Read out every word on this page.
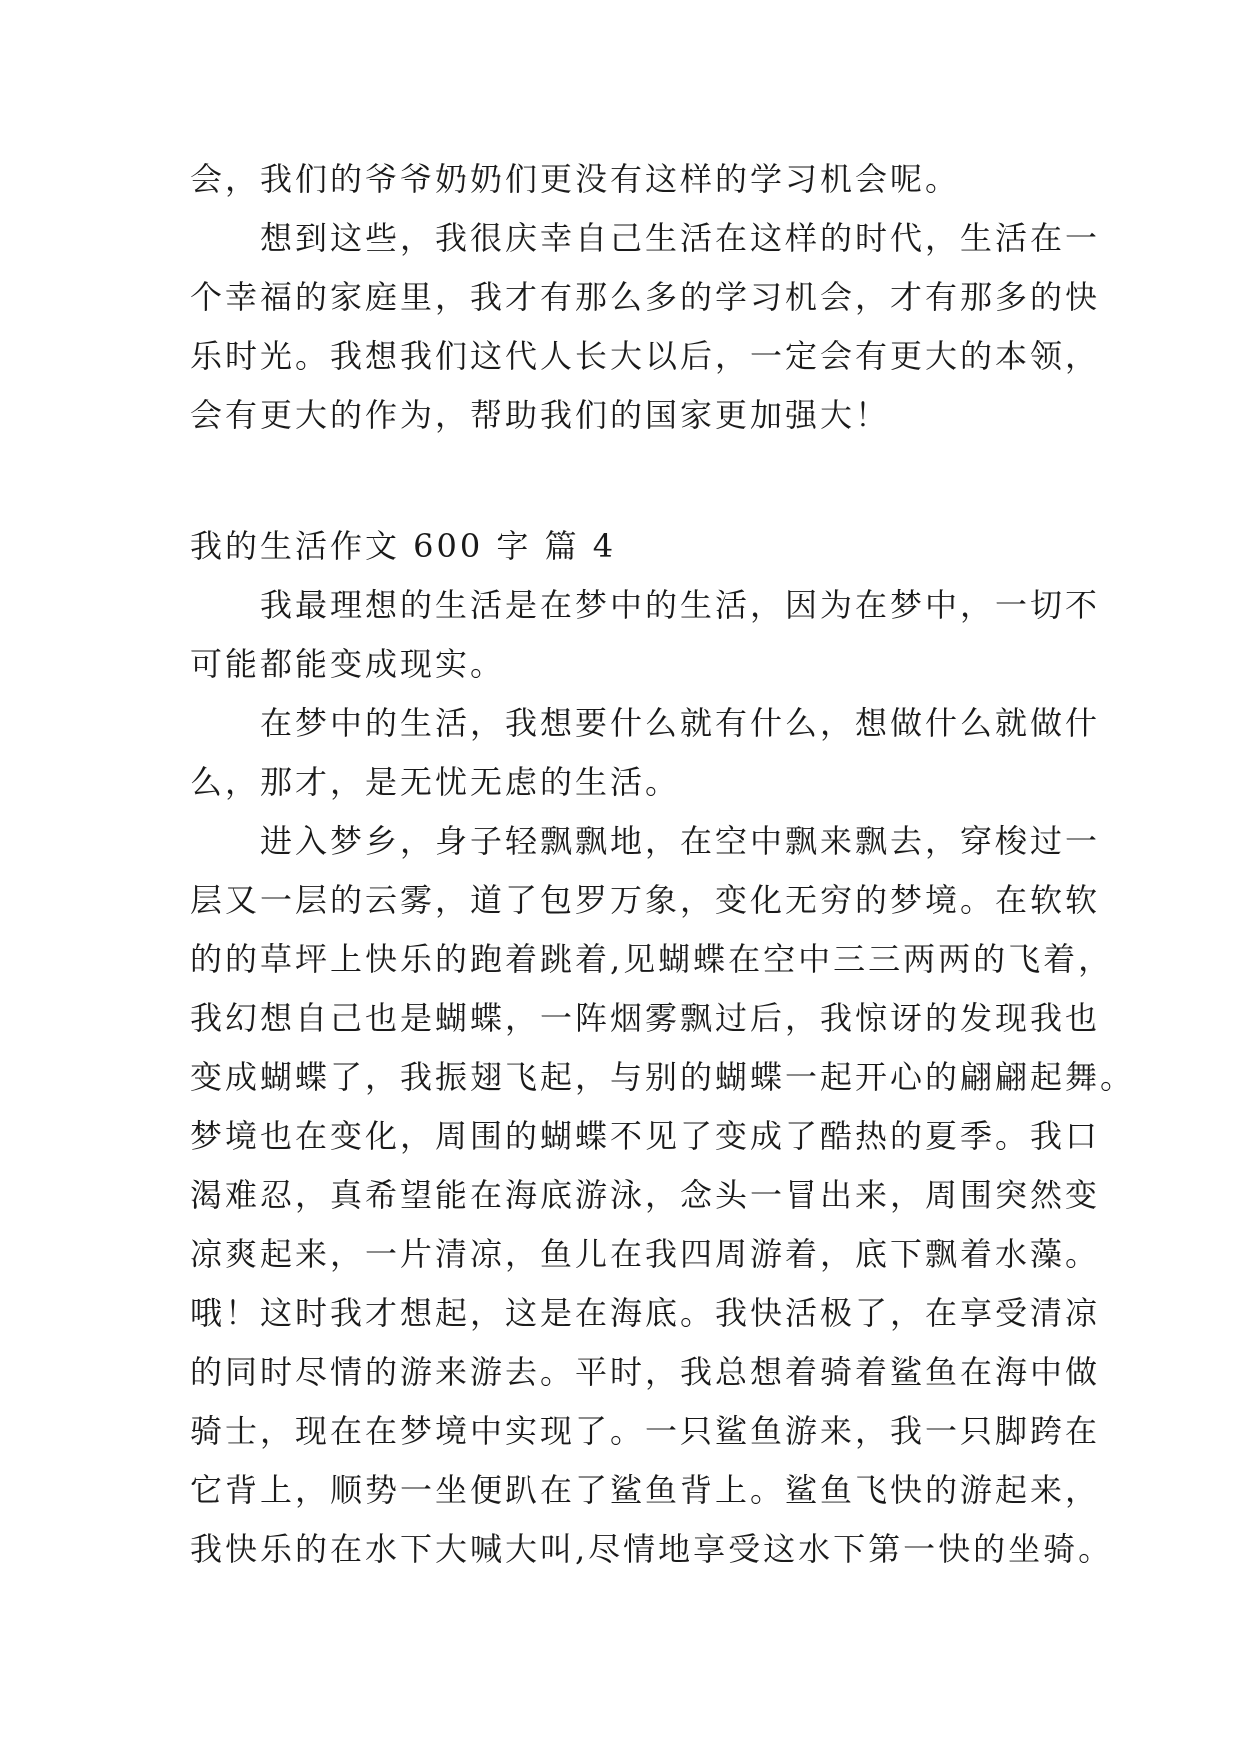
会，我们的爷爷奶奶们更没有这样的学习机会呢。
想到这些，我很庆幸自己生活在这样的时代，生活在一
个幸福的家庭里，我才有那么多的学习机会，才有那多的快
乐时光。我想我们这代人长大以后，一定会有更大的本领，
会有更大的作为，帮助我们的国家更加强大！
我的生活作文 600 字 篇 4
我最理想的生活是在梦中的生活，因为在梦中，一切不
可能都能变成现实。
在梦中的生活，我想要什么就有什么，想做什么就做什
么，那才，是无忧无虑的生活。
进入梦乡，身子轻飘飘地，在空中飘来飘去，穿梭过一
层又一层的云雾，道了包罗万象，变化无穷的梦境。在软软
的的草坪上快乐的跑着跳着,见蝴蝶在空中三三两两的飞着，
我幻想自己也是蝴蝶，一阵烟雾飘过后，我惊讶的发现我也
变成蝴蝶了，我振翅飞起，与别的蝴蝶一起开心的翩翩起舞。
梦境也在变化，周围的蝴蝶不见了变成了酷热的夏季。我口
渴难忍，真希望能在海底游泳，念头一冒出来，周围突然变
凉爽起来，一片清凉，鱼儿在我四周游着，底下飘着水藻。
哦！这时我才想起，这是在海底。我快活极了，在享受清凉
的同时尽情的游来游去。平时，我总想着骑着鲨鱼在海中做
骑士，现在在梦境中实现了。一只鲨鱼游来，我一只脚跨在
它背上，顺势一坐便趴在了鲨鱼背上。鲨鱼飞快的游起来，
我快乐的在水下大喊大叫,尽情地享受这水下第一快的坐骑。
